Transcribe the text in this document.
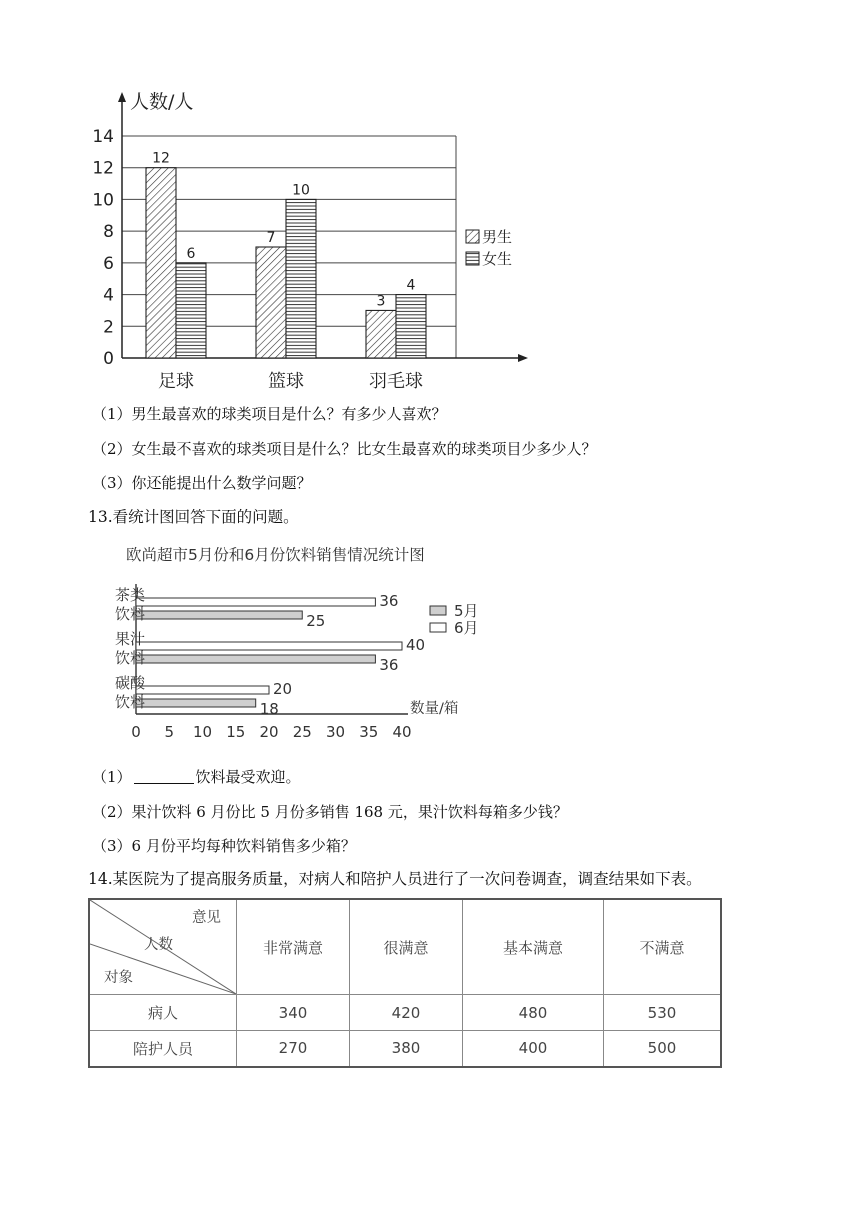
人数/人
0
2
4
6
8
10
12
14
12
6
7
10
3
4
足球	篮球	羽毛球
男生
女生
（1）男生最喜欢的球类项目是什么？有多少人喜欢？
（2）女生最不喜欢的球类项目是什么？比女生最喜欢的球类项目少多少人？
（3）你还能提出什么数学问题？
13.看统计图回答下面的问题。
欧尚超市5月份和6月份饮料销售情况统计图
36
25
40
36
20
18
茶类
饮料
果汁
饮料
碳酸
饮料
0 5 10 15 20 25 30 35 40
数量/箱
5月
6月
（1）	饮料最受欢迎。
（2）果汁饮料 6 月份比 5 月份多销售 168 元，果汁饮料每箱多少钱？
（3）6 月份平均每种饮料销售多少箱？
14.某医院为了提高服务质量，对病人和陪护人员进行了一次问卷调查，调查结果如下表。
意见
人数
对象	非常满意	很满意	基本满意	不满意
病人	340	420	480	530
陪护人员	270	380	400	500
